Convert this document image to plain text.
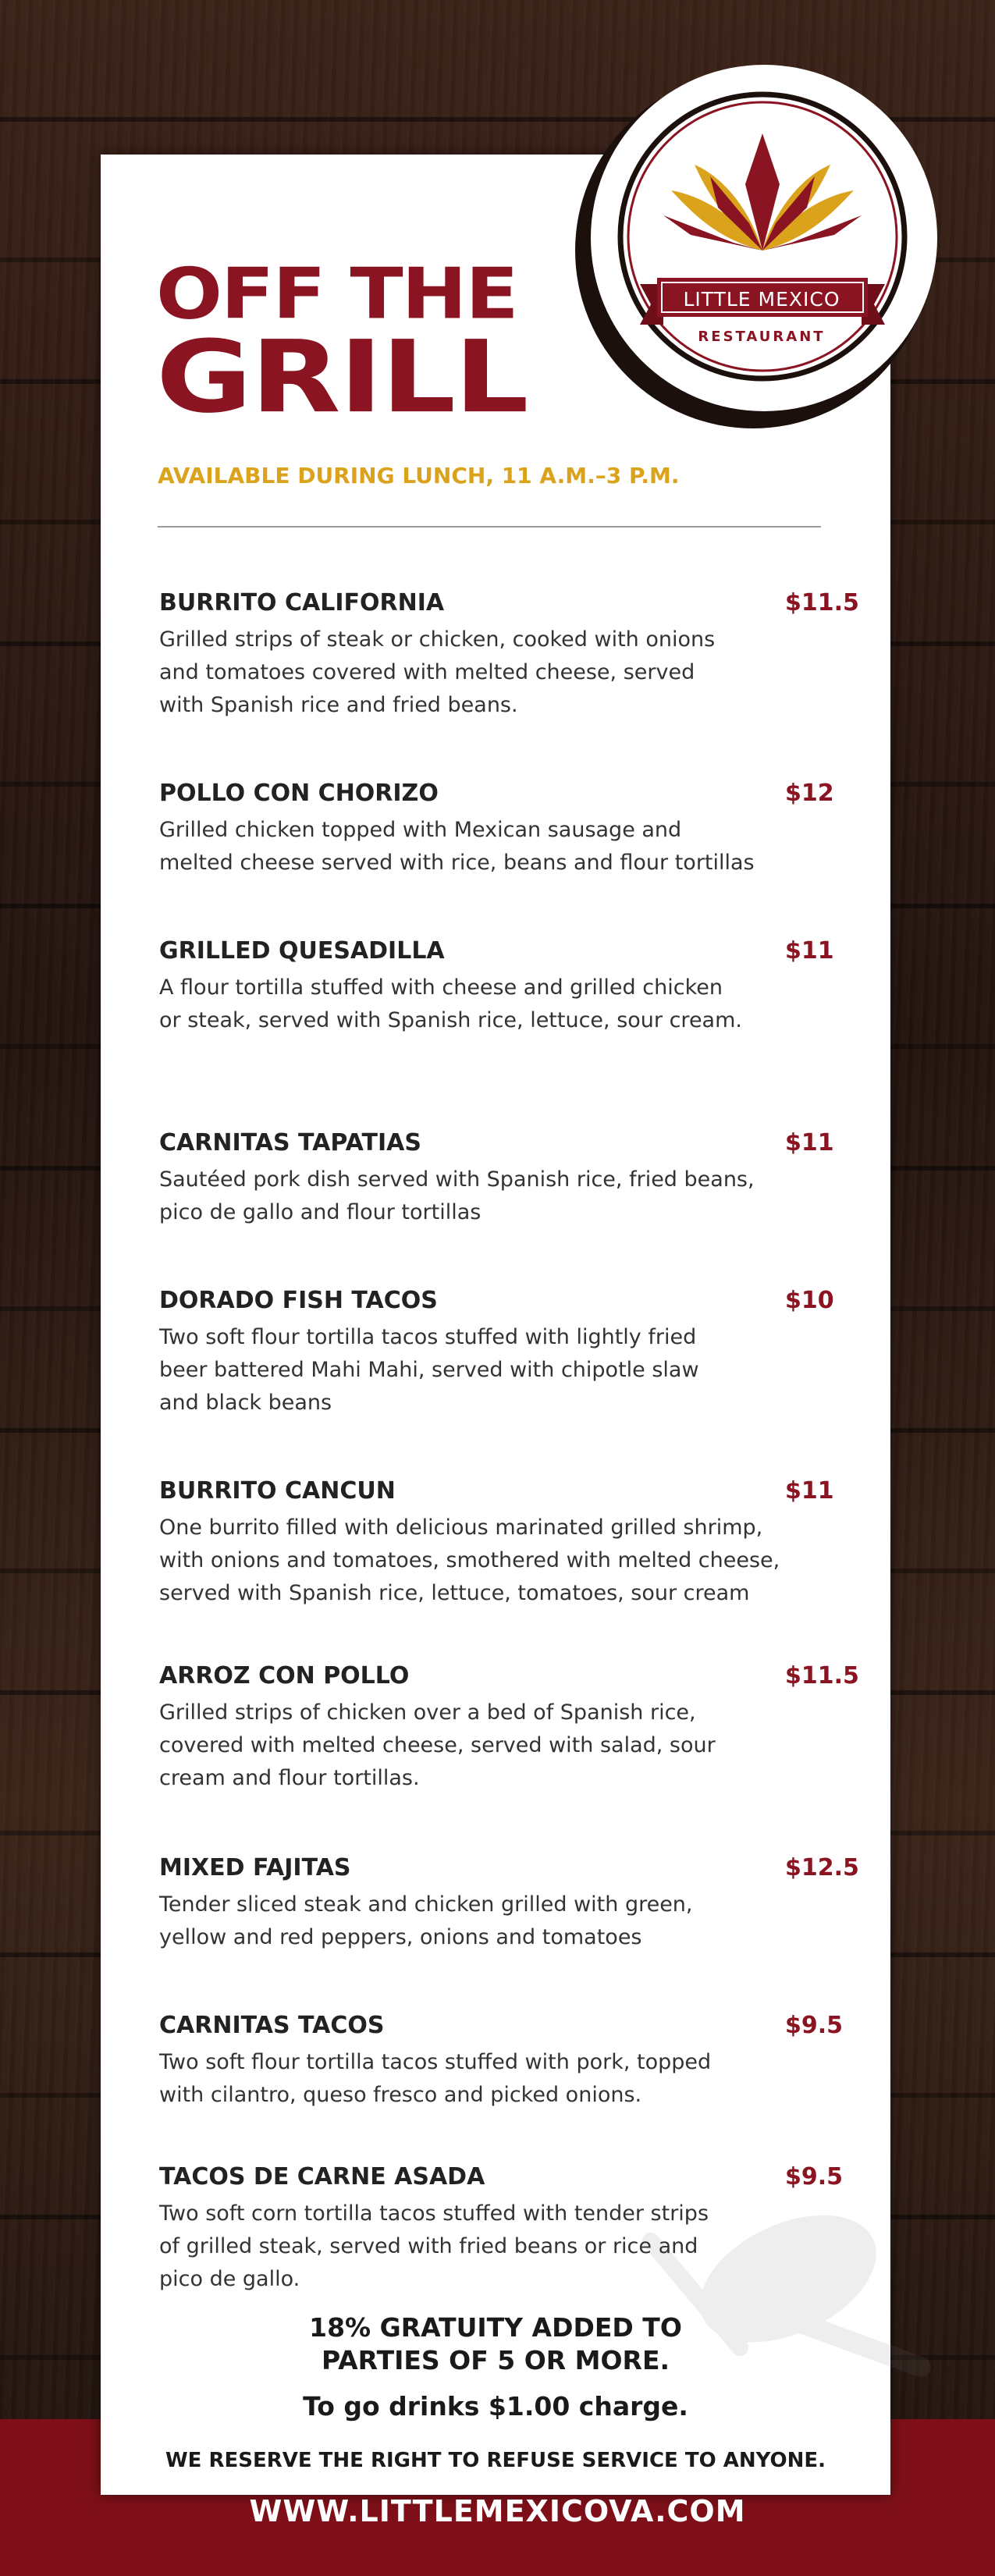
OFF THE
GRILL
AVAILABLE DURING LUNCH, 11 A.M.–3 P.M.
LITTLE MEXICO
RESTAURANT
BURRITO CALIFORNIA	$11.5
Grilled strips of steak or chicken, cooked with onions
and tomatoes covered with melted cheese, served
with Spanish rice and fried beans.
POLLO CON CHORIZO	$12
Grilled chicken topped with Mexican sausage and
melted cheese served with rice, beans and flour tortillas
GRILLED QUESADILLA	$11
A flour tortilla stuffed with cheese and grilled chicken
or steak, served with Spanish rice, lettuce, sour cream.
CARNITAS TAPATIAS	$11
Sautéed pork dish served with Spanish rice, fried beans,
pico de gallo and flour tortillas
DORADO FISH TACOS	$10
Two soft flour tortilla tacos stuffed with lightly fried
beer battered Mahi Mahi, served with chipotle slaw
and black beans
BURRITO CANCUN	$11
One burrito filled with delicious marinated grilled shrimp,
with onions and tomatoes, smothered with melted cheese,
served with Spanish rice, lettuce, tomatoes, sour cream
ARROZ CON POLLO	$11.5
Grilled strips of chicken over a bed of Spanish rice,
covered with melted cheese, served with salad, sour
cream and flour tortillas.
MIXED FAJITAS	$12.5
Tender sliced steak and chicken grilled with green,
yellow and red peppers, onions and tomatoes
CARNITAS TACOS	$9.5
Two soft flour tortilla tacos stuffed with pork, topped
with cilantro, queso fresco and picked onions.
TACOS DE CARNE ASADA	$9.5
Two soft corn tortilla tacos stuffed with tender strips
of grilled steak, served with fried beans or rice and
pico de gallo.
18% GRATUITY ADDED TO
PARTIES OF 5 OR MORE.
To go drinks $1.00 charge.
WE RESERVE THE RIGHT TO REFUSE SERVICE TO ANYONE.
WWW.LITTLEMEXICOVA.COM
